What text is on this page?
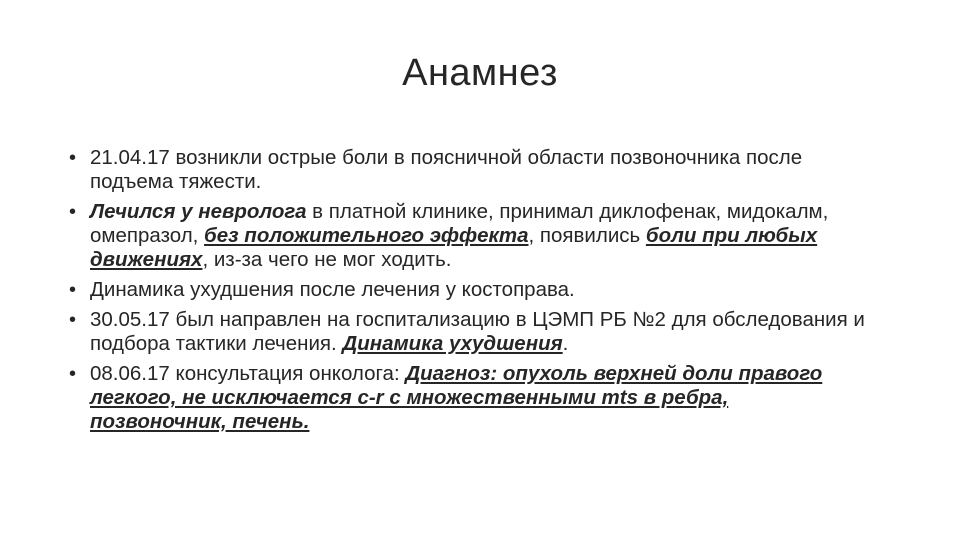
Анамнез
• 21.04.17 возникли острые боли в поясничной области позвоночника после подъема тяжести.
• Лечился у невролога в платной клинике, принимал диклофенак, мидокалм, омепразол, без положительного эффекта, появились боли при любых движениях, из-за чего не мог ходить.
• Динамика ухудшения после лечения у костоправа.
• 30.05.17 был направлен на госпитализацию в ЦЭМП РБ №2 для обследования и подбора тактики лечения. Динамика ухудшения.
• 08.06.17 консультация онколога: Диагноз: опухоль верхней доли правого легкого, не исключается с-r с множественными mts в ребра, позвоночник, печень.
